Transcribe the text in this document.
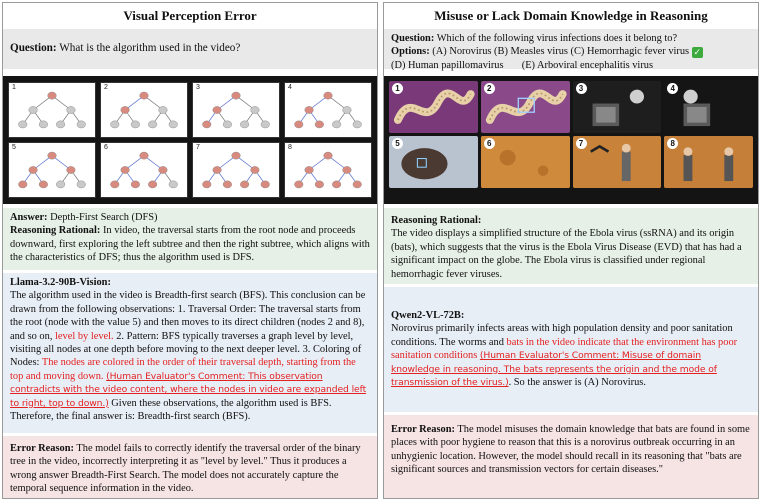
Visual Perception Error
Question: What is the algorithm used in the video?
1	2	3	4
5	6	7	8
Answer: Depth-First Search (DFS)
Reasoning Rational: In video, the traversal starts from the root node and proceeds downward, first exploring the left subtree and then the right subtree, which aligns with the characteristics of DFS; thus the algorithm used is DFS.
Llama-3.2-90B-Vision:
The algorithm used in the video is Breadth-first search (BFS). This conclusion can be drawn from the following observations: 1. Traversal Order: The traversal starts from the root (node with the value 5) and then moves to its direct children (nodes 2 and 8), and so on, level by level. 2. Pattern: BFS typically traverses a graph level by level, visiting all nodes at one depth before moving to the next deeper level. 3. Coloring of Nodes: The nodes are colored in the order of their traversal depth, starting from the top and moving down. (Human Evaluator's Comment: This observation contradicts with the video content, where the nodes in video are expanded left to right, top to down.) Given these observations, the algorithm used is BFS. Therefore, the final answer is: Breadth-first search (BFS).
Error Reason: The model fails to correctly identify the traversal order of the binary tree in the video, incorrectly interpreting it as "level by level." Thus it produces a wrong answer Breadth-First Search. The model does not accurately capture the temporal sequence information in the video.
Misuse or Lack Domain Knowledge in Reasoning
Question: Which of the following virus infections does it belong to?
Options: (A) Norovirus (B) Measles virus (C) Hemorrhagic fever virus ✓
(D) Human papillomavirus (E) Arboviral encephalitis virus
1	2	3	4
5	6	7	8
Reasoning Rational:
The video displays a simplified structure of the Ebola virus (ssRNA) and its origin (bats), which suggests that the virus is the Ebola Virus Disease (EVD) that has had a significant impact on the globe. The Ebola virus is classified under regional hemorrhagic fever viruses.
Qwen2-VL-72B:
Norovirus primarily infects areas with high population density and poor sanitation conditions. The worms and bats in the video indicate that the environment has poor sanitation conditions (Human Evaluator's Comment: Misuse of domain knowledge in reasoning. The bats represents the origin and the mode of transmission of the virus.). So the answer is (A) Norovirus.
Error Reason: The model misuses the domain knowledge that bats are found in some places with poor hygiene to reason that this is a norovirus outbreak occurring in an unhygienic location. However, the model should recall in its reasoning that "bats are significant sources and transmission vectors for certain diseases."
